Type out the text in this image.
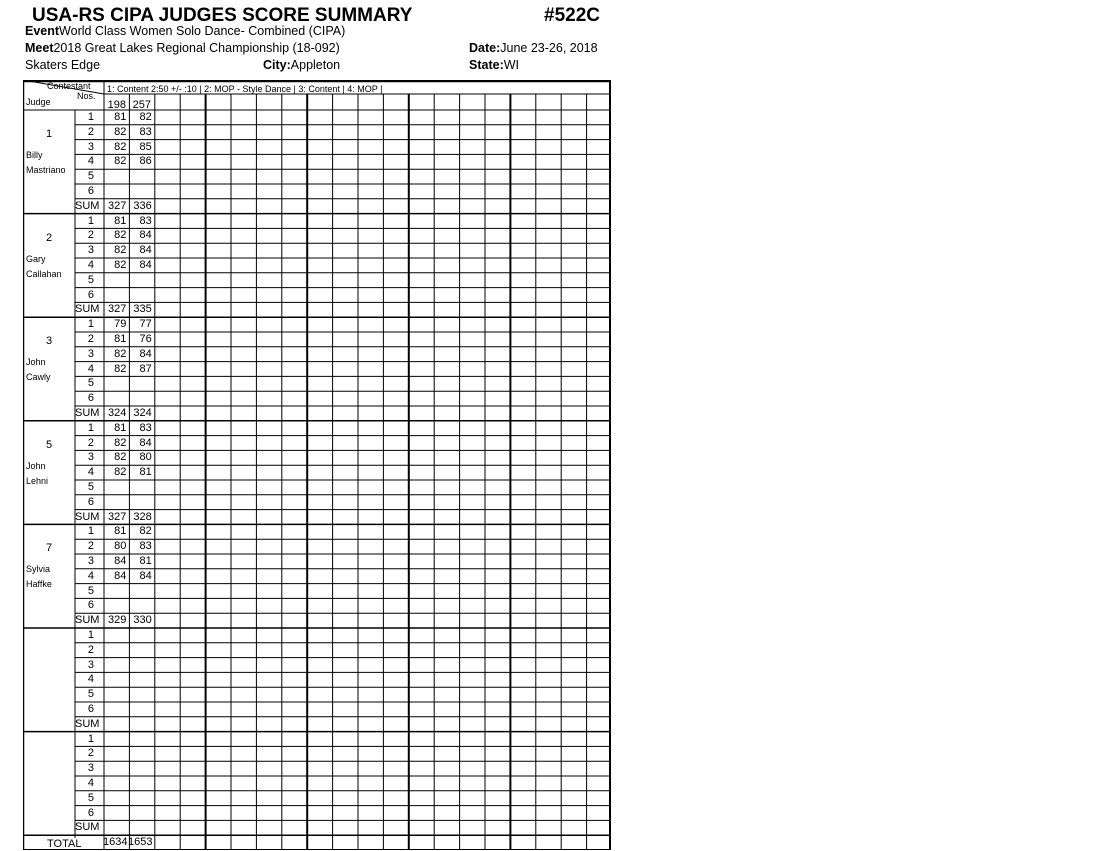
USA-RS CIPA JUDGES SCORE SUMMARY	#522C
EventWorld Class Women Solo Dance- Combined (CIPA)
Meet2018 Great Lakes Regional Championship (18-092)	Date:June 23-26, 2018
Skaters Edge	City:Appleton	State:WI
Contestant
Nos.
Judge
1: Content 2:50 +/- :10 | 2: MOP - Style Dance | 3: Content | 4: MOP |
198 257
1
Billy
Mastriano
1	81	82
2	82	83
3	82	85
4	82	86
5
6
SUM 327 336
2
Gary
Callahan
1	81	83
2	82	84
3	82	84
4	82	84
5
6
SUM 327 335
3
John
Cawly
1	79	77
2	81	76
3	82	84
4	82	87
5
6
SUM 324 324
5
John
Lehni
1	81	83
2	82	84
3	82	80
4	82	81
5
6
SUM 327 328
7
Sylvia
Haffke
1	81	82
2	80	83
3	84	81
4	84	84
5
6
SUM 329 330
1
2
3
4
5
6
SUM
1
2
3
4
5
6
SUM
TOTAL 1634 1653
